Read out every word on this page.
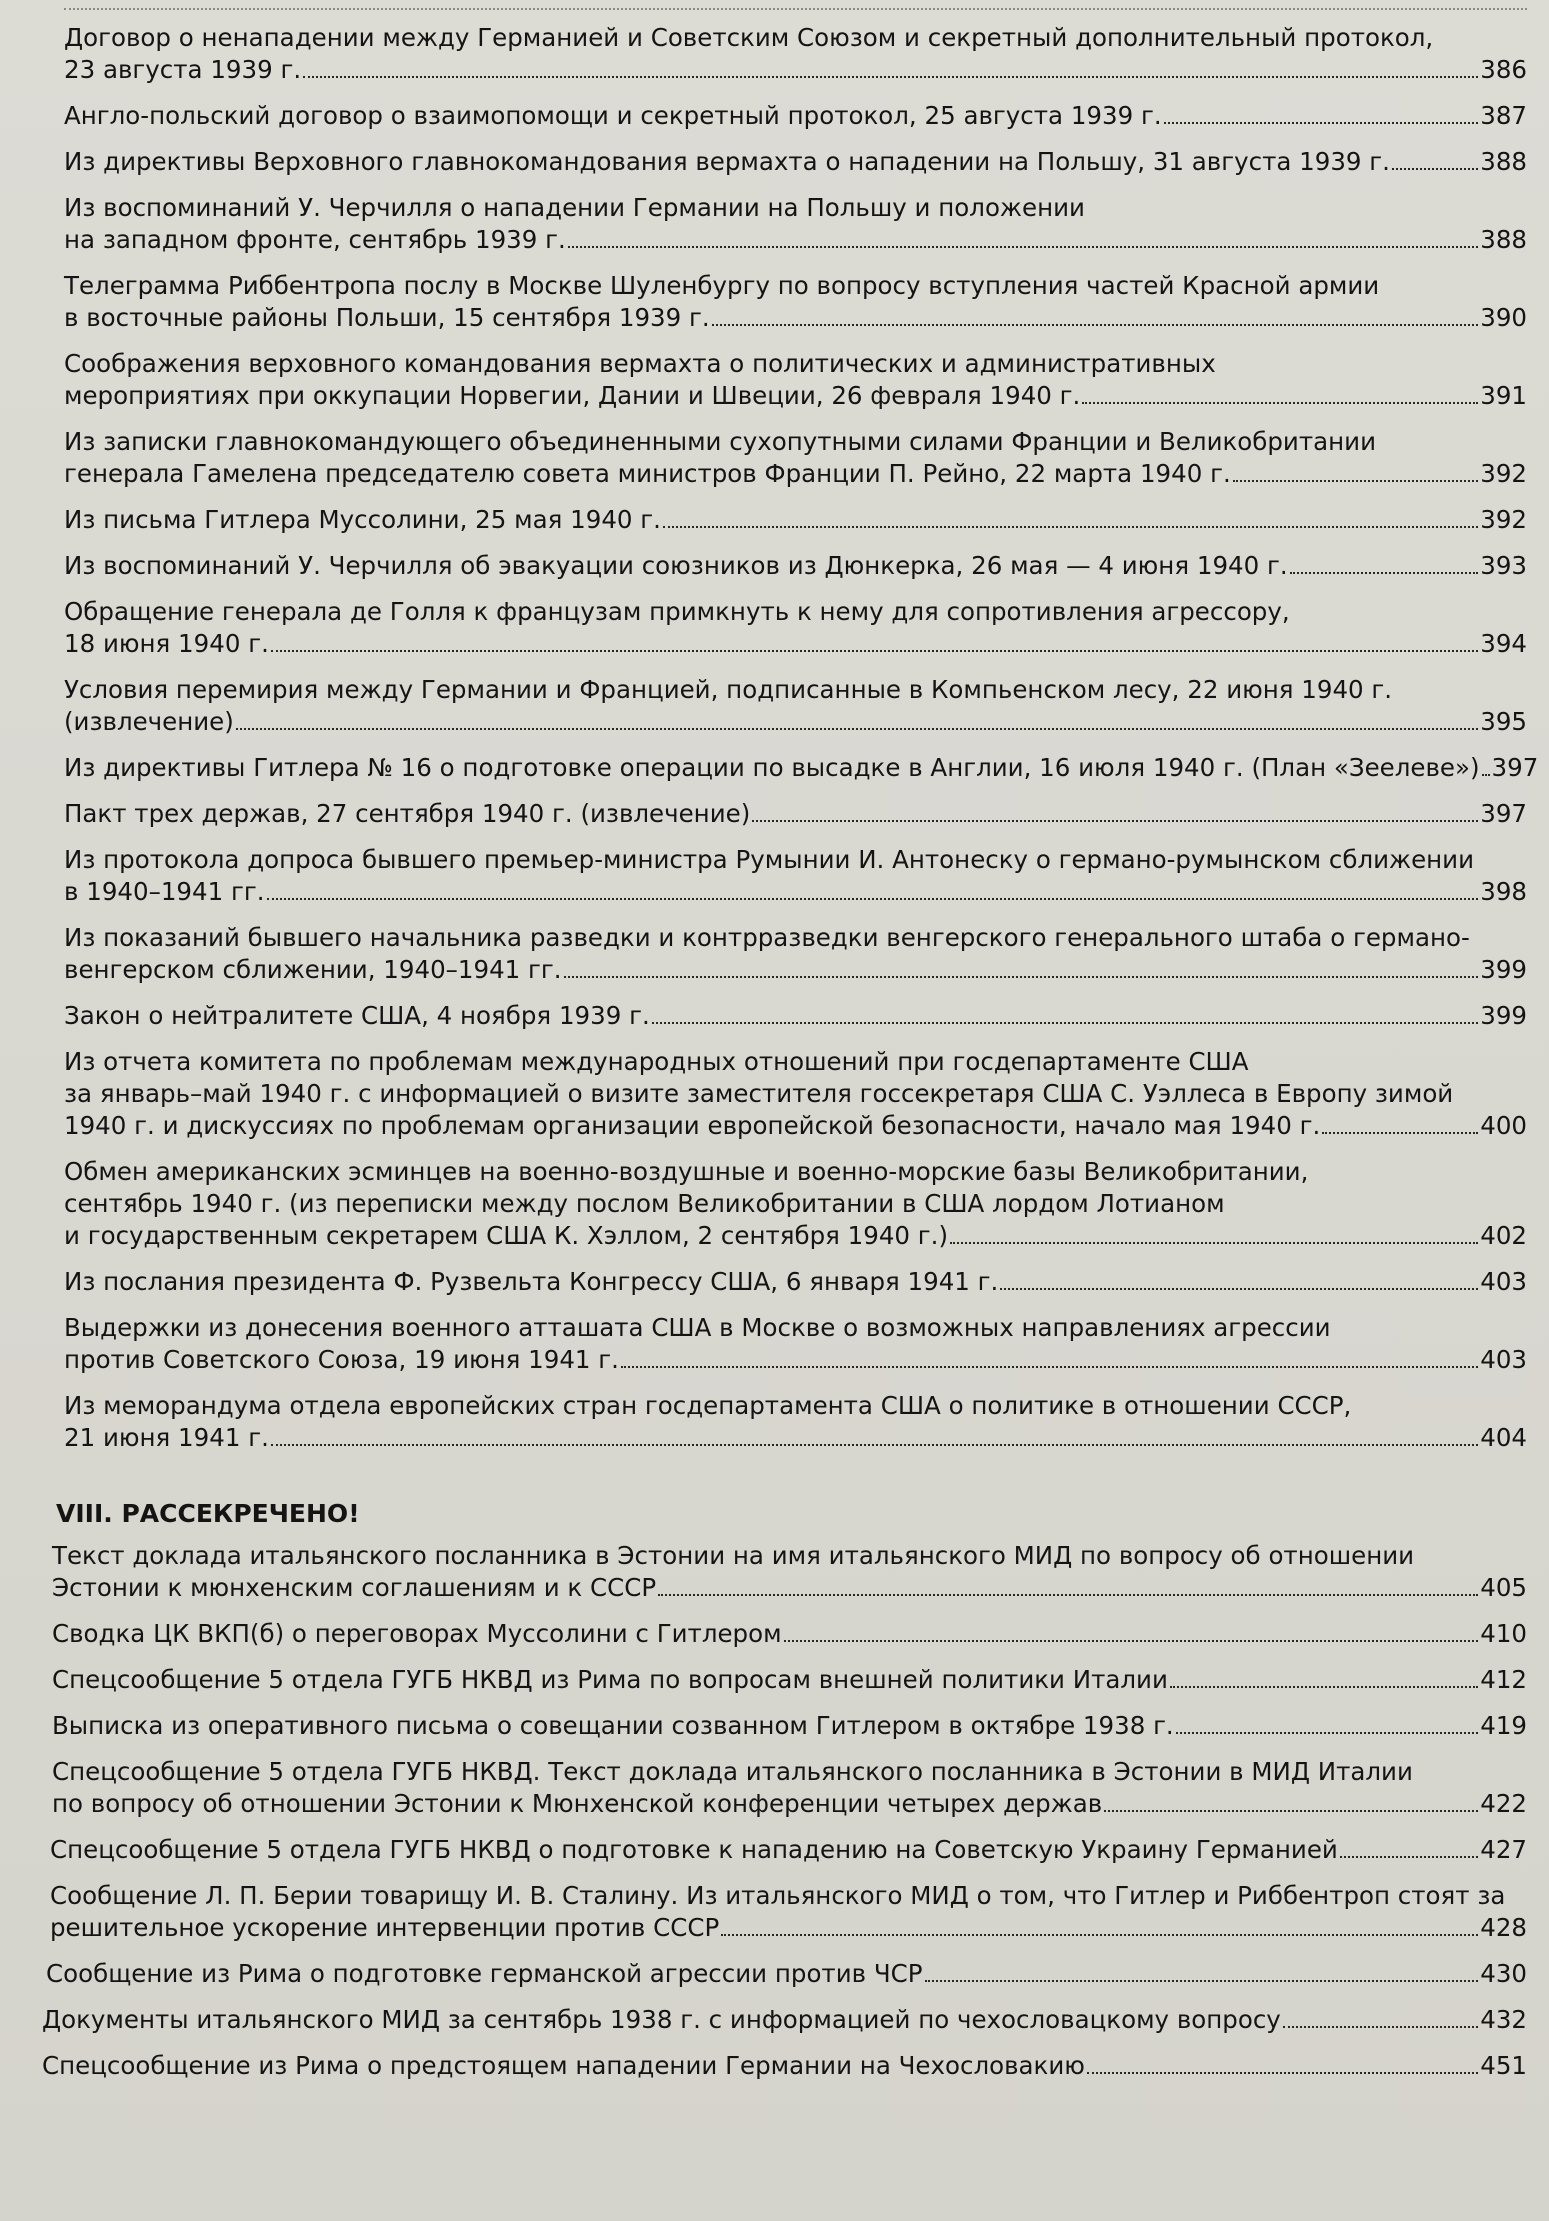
Договор о ненападении между Германией и Советским Союзом и секретный дополнительный протокол,
23 августа 1939 г.	386
Англо-польский договор о взаимопомощи и секретный протокол, 25 августа 1939 г.	387
Из директивы Верховного главнокомандования вермахта о нападении на Польшу, 31 августа 1939 г.	388
Из воспоминаний У. Черчилля о нападении Германии на Польшу и положении
на западном фронте, сентябрь 1939 г.	388
Телеграмма Риббентропа послу в Москве Шуленбургу по вопросу вступления частей Красной армии
в восточные районы Польши, 15 сентября 1939 г.	390
Соображения верховного командования вермахта о политических и административных
мероприятиях при оккупации Норвегии, Дании и Швеции, 26 февраля 1940 г.	391
Из записки главнокомандующего объединенными сухопутными силами Франции и Великобритании
генерала Гамелена председателю совета министров Франции П. Рейно, 22 марта 1940 г.	392
Из письма Гитлера Муссолини, 25 мая 1940 г.	392
Из воспоминаний У. Черчилля об эвакуации союзников из Дюнкерка, 26 мая — 4 июня 1940 г.	393
Обращение генерала де Голля к французам примкнуть к нему для сопротивления агрессору,
18 июня 1940 г.	394
Условия перемирия между Германии и Францией, подписанные в Компьенском лесу, 22 июня 1940 г.
(извлечение)	395
Из директивы Гитлера № 16 о подготовке операции по высадке в Англии, 16 июля 1940 г. (План «Зеелеве») 397
Пакт трех держав, 27 сентября 1940 г. (извлечение)	397
Из протокола допроса бывшего премьер-министра Румынии И. Антонеску о германо-румынском сближении
в 1940–1941 гг.	398
Из показаний бывшего начальника разведки и контрразведки венгерского генерального штаба о германо-
венгерском сближении, 1940–1941 гг.	399
Закон о нейтралитете США, 4 ноября 1939 г.	399
Из отчета комитета по проблемам международных отношений при госдепартаменте США
за январь–май 1940 г. с информацией о визите заместителя госсекретаря США С. Уэллеса в Европу зимой
1940 г. и дискуссиях по проблемам организации европейской безопасности, начало мая 1940 г.	400
Обмен американских эсминцев на военно-воздушные и военно-морские базы Великобритании,
сентябрь 1940 г. (из переписки между послом Великобритании в США лордом Лотианом
и государственным секретарем США К. Хэллом, 2 сентября 1940 г.)	402
Из послания президента Ф. Рузвельта Конгрессу США, 6 января 1941 г.	403
Выдержки из донесения военного атташата США в Москве о возможных направлениях агрессии
против Советского Союза, 19 июня 1941 г.	403
Из меморандума отдела европейских стран госдепартамента США о политике в отношении СССР,
21 июня 1941 г.	404
VIII. РАССЕКРЕЧЕНО!
Текст доклада итальянского посланника в Эстонии на имя итальянского МИД по вопросу об отношении
Эстонии к мюнхенским соглашениям и к СССР	405
Сводка ЦК ВКП(б) о переговорах Муссолини с Гитлером	410
Спецсообщение 5 отдела ГУГБ НКВД из Рима по вопросам внешней политики Италии	412
Выписка из оперативного письма о совещании созванном Гитлером в октябре 1938 г.	419
Спецсообщение 5 отдела ГУГБ НКВД. Текст доклада итальянского посланника в Эстонии в МИД Италии
по вопросу об отношении Эстонии к Мюнхенской конференции четырех держав	422
Спецсообщение 5 отдела ГУГБ НКВД о подготовке к нападению на Советскую Украину Германией	427
Сообщение Л. П. Берии товарищу И. В. Сталину. Из итальянского МИД о том, что Гитлер и Риббентроп стоят за
решительное ускорение интервенции против СССР	428
Сообщение из Рима о подготовке германской агрессии против ЧСР	430
Документы итальянского МИД за сентябрь 1938 г. с информацией по чехословацкому вопросу	432
Спецсообщение из Рима о предстоящем нападении Германии на Чехословакию	451
